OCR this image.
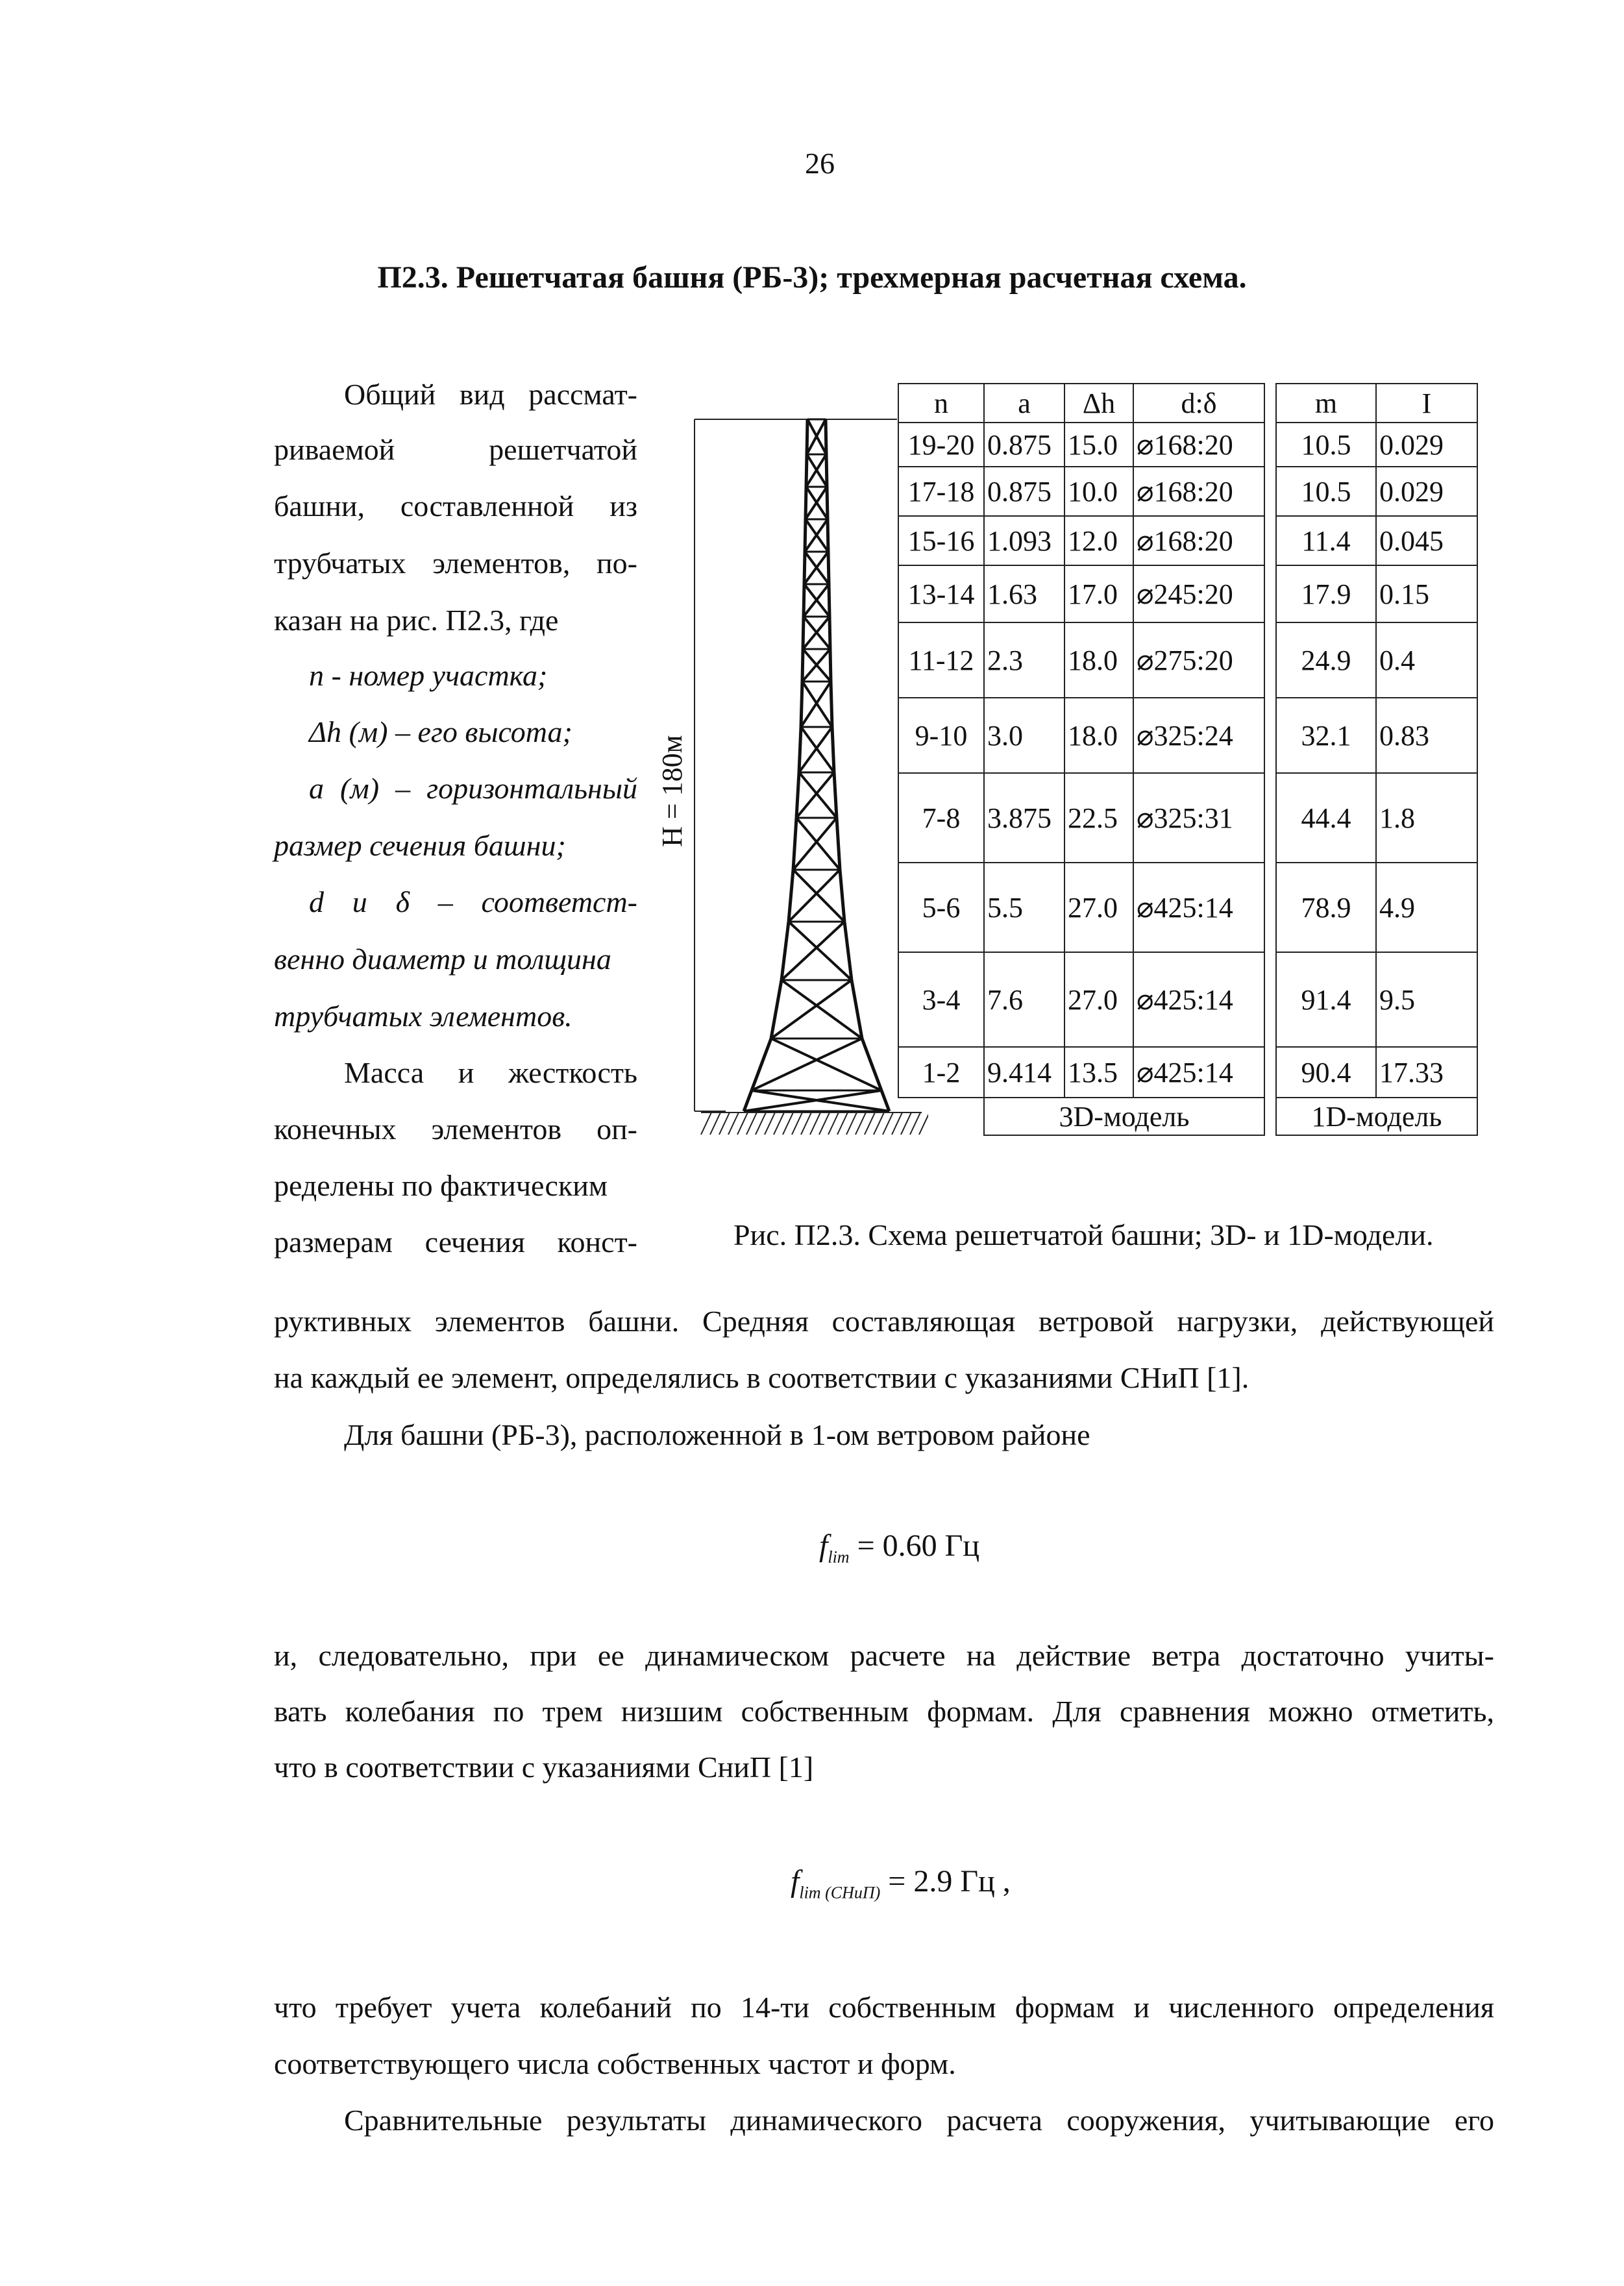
26
П2.3. Решетчатая башня (РБ-3); трехмерная расчетная схема.
Общий вид рассмат-
риваемой решетчатой
башни, составленной из
трубчатых элементов, по-
казан на рис. П2.3, где
n - номер участка;
Δh (м) – его высота;
a (м) – горизонтальный
размер сечения башни;
d и δ – соответст-
венно диаметр и толщина
трубчатых элементов.
Масса и жесткость
конечных элементов оп-
ределены по фактическим
размерам сечения конст-
H = 180м
n	a	Δh	d:δ		m	I
19-20	0.875	15.0	⌀168:20		10.5	0.029
17-18	0.875	10.0	⌀168:20		10.5	0.029
15-16	1.093	12.0	⌀168:20		11.4	0.045
13-14	1.63	17.0	⌀245:20		17.9	0.15
11-12	2.3	18.0	⌀275:20		24.9	0.4
9-10	3.0	18.0	⌀325:24		32.1	0.83
7-8	3.875	22.5	⌀325:31		44.4	1.8
5-6	5.5	27.0	⌀425:14		78.9	4.9
3-4	7.6	27.0	⌀425:14		91.4	9.5
1-2	9.414	13.5	⌀425:14		90.4	17.33
	3D-модель				1D-модель	
Рис. П2.3. Схема решетчатой башни; 3D- и 1D-модели.
руктивных элементов башни. Средняя составляющая ветровой нагрузки, действующей
на каждый ее элемент, определялись в соответствии с указаниями СНиП [1].
Для башни (РБ-3), расположенной в 1-ом ветровом районе
$f_{lim} = 0.60$ Гц
и, следовательно, при ее динамическом расчете на действие ветра достаточно учиты-
вать колебания по трем низшим собственным формам. Для сравнения можно отметить,
что в соответствии с указаниями СниП [1]
$f_{lim (СНиП)} = 2.9$ Гц ,
что требует учета колебаний по 14-ти собственным формам и численного определения
соответствующего числа собственных частот и форм.
Сравнительные результаты динамического расчета сооружения, учитывающие его
